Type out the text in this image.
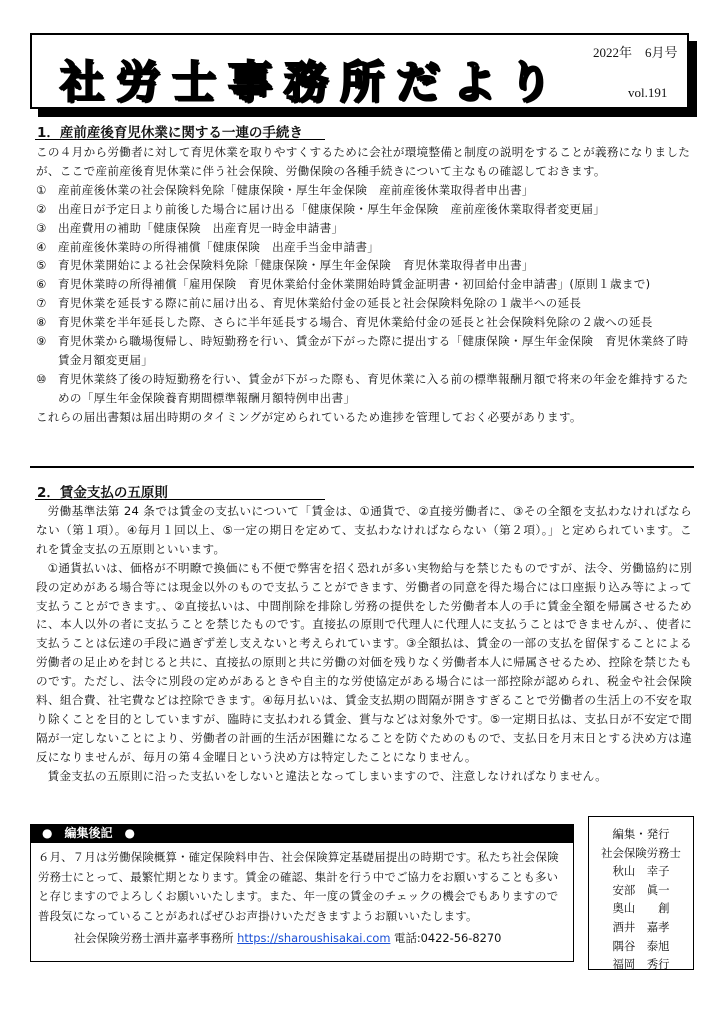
社労士事務所だより
2022年　6月号
vol.191
1．産前産後育児休業に関する一連の手続き

この４月から労働者に対して育児休業を取りやすくするために会社が環境整備と制度の説明をすることが義務になりましたが、ここで産前産後育児休業に伴う社会保険、労働保険の各種手続きについて主なもの確認しておきます。

① 産前産後休業の社会保険料免除「健康保険・厚生年金保険　産前産後休業取得者申出書」
② 出産日が予定日より前後した場合に届け出る「健康保険・厚生年金保険　産前産後休業取得者変更届」
③ 出産費用の補助「健康保険　出産育児一時金申請書」
④ 産前産後休業時の所得補償「健康保険　出産手当金申請書」
⑤ 育児休業開始による社会保険料免除「健康保険・厚生年金保険　育児休業取得者申出書」
⑥ 育児休業時の所得補償「雇用保険　育児休業給付金休業開始時賃金証明書・初回給付金申請書」(原則１歳まで)
⑦ 育児休業を延長する際に前に届け出る、育児休業給付金の延長と社会保険料免除の１歳半への延長
⑧ 育児休業を半年延長した際、さらに半年延長する場合、育児休業給付金の延長と社会保険料免除の２歳への延長
⑨ 育児休業から職場復帰し、時短勤務を行い、賃金が下がった際に提出する「健康保険・厚生年金保険　育児休業終了時賃金月額変更届」
⑩ 育児休業終了後の時短勤務を行い、賃金が下がった際も、育児休業に入る前の標準報酬月額で将来の年金を維持するための「厚生年金保険養育期間標準報酬月額特例申出書」

これらの届出書類は届出時期のタイミングが定められているため進捗を管理しておく必要があります。

2．賃金支払の五原則

労働基準法第 24 条では賃金の支払いについて「賃金は、①通貨で、②直接労働者に、③その全額を支払わなければならない（第１項）。④毎月１回以上、⑤一定の期日を定めて、支払わなければならない（第２項）。」と定められています。これを賃金支払の五原則といいます。

①通貨払いは、価格が不明瞭で換価にも不便で弊害を招く恐れが多い実物給与を禁じたものですが、法令、労働協約に別段の定めがある場合等には現金以外のもので支払うことができます、労働者の同意を得た場合には口座振り込み等によって支払うことができます。、②直接払いは、中間削除を排除し労務の提供をした労働者本人の手に賃金全額を帰属させるために、本人以外の者に支払うことを禁じたものです。直接払の原則で代理人に代理人に支払うことはできませんが、、使者に支払うことは伝達の手段に過ぎず差し支えないと考えられています。③全額払は、賃金の一部の支払を留保することによる労働者の足止めを封じると共に、直接払の原則と共に労働の対価を残りなく労働者本人に帰属させるため、控除を禁じたものです。ただし、法令に別段の定めがあるときや自主的な労使協定がある場合には一部控除が認められ、税金や社会保険料、組合費、社宅費などは控除できます。④毎月払いは、賃金支払期の間隔が開きすぎることで労働者の生活上の不安を取り除くことを目的としていますが、臨時に支払われる賃金、賞与などは対象外です。⑤一定期日払は、支払日が不安定で間隔が一定しないことにより、労働者の計画的生活が困難になることを防ぐためのもので、支払日を月末日とする決め方は違反になりませんが、毎月の第４金曜日という決め方は特定したことになりません。

賃金支払の五原則に沿った支払いをしないと違法となってしまいますので、注意しなければなりません。

●　編集後記　●
６月、７月は労働保険概算・確定保険料申告、社会保険算定基礎届提出の時期です。私たち社会保険労務士にとって、最繁忙期となります。賃金の確認、集計を行う中でご協力をお願いすることも多いと存じますのでよろしくお願いいたします。また、年一度の賃金のチェックの機会でもありますので普段気になっていることがあればぜひお声掛けいただきますようお願いいたします。
社会保険労務士酒井嘉孝事務所 https://sharoushisakai.com 電話:0422-56-8270
編集・発行
社会保険労務士
秋山　幸子
安部　眞一
奥山　　創
酒井　嘉孝
隅谷　泰旭
福岡　秀行
